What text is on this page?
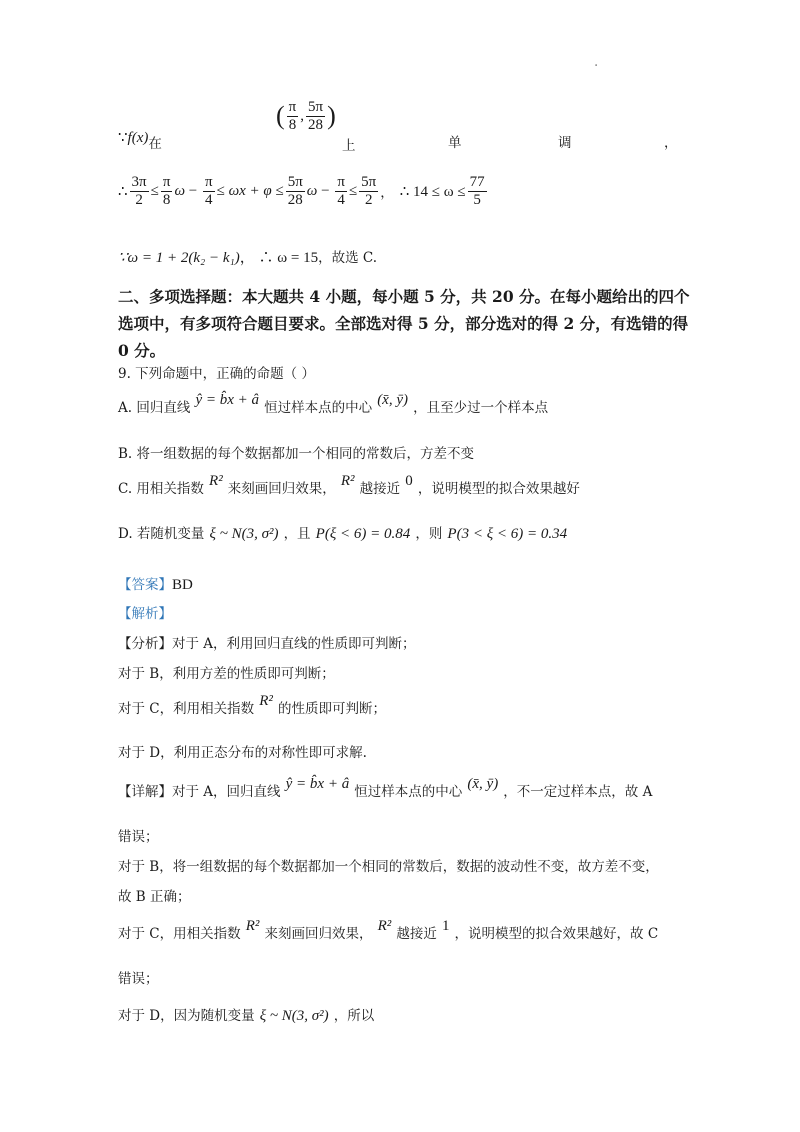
·
$\because f(x)_在$
( $\frac{\pi}{8}$ , $\frac{5\pi}{28}$ )
上	单	调	，
∴ $\frac{3\pi}{2} \le \frac{\pi}{8}$ $\omega - \frac{\pi}{4} \le \omega x + \varphi \le \frac{5\pi}{28}$ $\omega - \frac{\pi}{4} \le \frac{5\pi}{2}$ ， ∴ $14 \le \omega \le \frac{77}{5}$
∵ω = 1 + 2(k₂ − k₁)， ∴ ω = 15，故选 C.
二、多项选择题：本大题共 4 小题，每小题 5 分，共 20 分。在每小题给出的四个选项中，有多项符合题目要求。全部选对得 5 分，部分选对的得 2 分，有选错的得 0 分。
9. 下列命题中，正确的命题（ ）
A. 回归直线 ŷ = b̂x + â 恒过样本点的中心 (x̄, ȳ) ，且至少过一个样本点
B. 将一组数据的每个数据都加一个相同的常数后，方差不变
C. 用相关指数 R² 来刻画回归效果， R² 越接近 0 ，说明模型的拟合效果越好
D. 若随机变量 ξ ~ N(3, σ²) ，且 P(ξ < 6) = 0.84 ，则 P(3 < ξ < 6) = 0.34
【答案】BD
【解析】
【分析】对于 A，利用回归直线的性质即可判断；
对于 B，利用方差的性质即可判断；
对于 C，利用相关指数 R² 的性质即可判断；
对于 D，利用正态分布的对称性即可求解.
【详解】对于 A，回归直线 ŷ = b̂x + â 恒过样本点的中心 (x̄, ȳ) ，不一定过样本点，故 A
错误；
对于 B，将一组数据的每个数据都加一个相同的常数后，数据的波动性不变，故方差不变，
故 B 正确；
对于 C，用相关指数 R² 来刻画回归效果， R² 越接近 1 ，说明模型的拟合效果越好，故 C
错误；
对于 D，因为随机变量 ξ ~ N(3, σ²) ，所以
